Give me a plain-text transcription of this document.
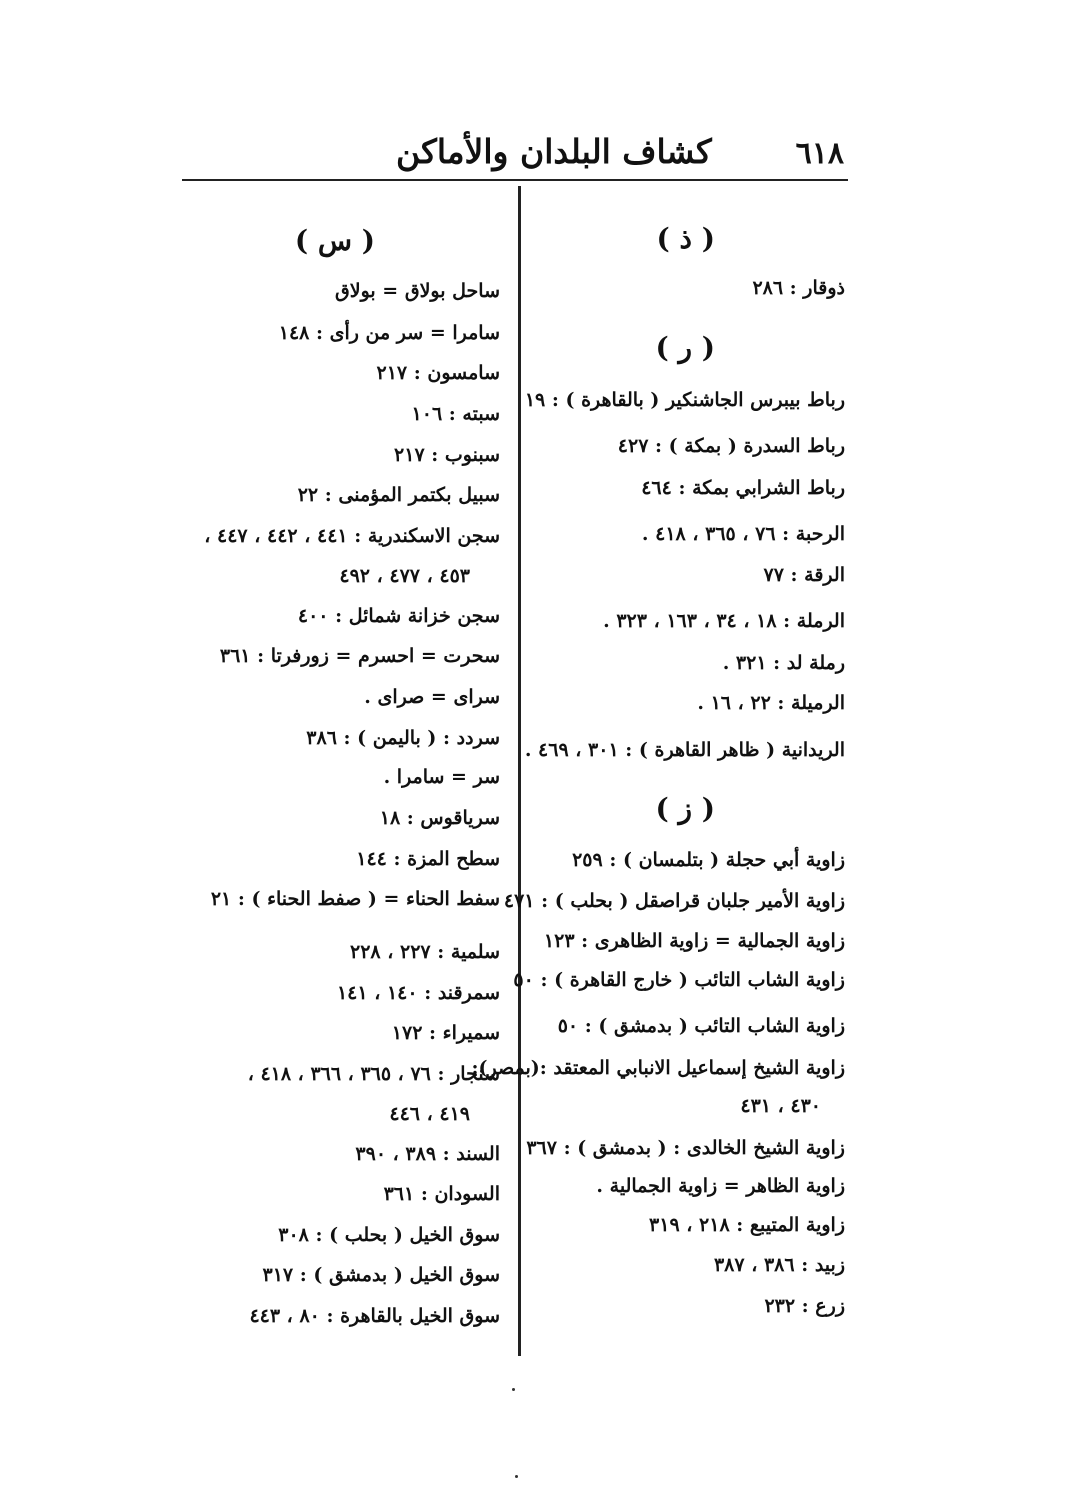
٦١٨
كشاف البلدان والأماكن
( ذ )
ذوقار : ٢٨٦
( ر )
رباط بيبرس الجاشنكير ( بالقاهرة ) : ١٩
رباط السدرة ( بمكة ) : ٤٢٧
رباط الشرابي بمكة : ٤٦٤
الرحبة : ٧٦ ، ٣٦٥ ، ٤١٨ .
الرقة : ٧٧
الرملة : ١٨ ، ٣٤ ، ١٦٣ ، ٣٢٣ .
رملة لد : ٣٢١ .
الرميلة : ٢٢ ، ١٦ .
الريدانية ( ظاهر القاهرة ) : ٣٠١ ، ٤٦٩ .
( ز )
زاوية أبي حجلة ( بتلمسان ) : ٢٥٩
زاوية الأمير جلبان قراصقل ( بحلب ) : ٤٧١
زاوية الجمالية = زاوية الظاهرى : ١٢٣
زاوية الشاب التائب ( خارج القاهرة ) : ٥٠
زاوية الشاب التائب ( بدمشق ) : ٥٠
زاوية الشيخ إسماعيل الانبابي المعتقد :(بمصر):
٤٣٠ ، ٤٣١
زاوية الشيخ الخالدى : ( بدمشق ) : ٣٦٧
زاوية الظاهر = زاوية الجمالية .
زاوية المتيبع : ٢١٨ ، ٣١٩
زبيد : ٣٨٦ ، ٣٨٧
زرع : ٢٣٢
( س )
ساحل بولاق = بولاق
سامرا = سر من رأى : ١٤٨
سامسون : ٢١٧
سبته : ١٠٦
سبنوب : ٢١٧
سبيل بكتمر المؤمنى : ٢٢
سجن الاسكندرية : ٤٤١ ، ٤٤٢ ، ٤٤٧ ،
٤٥٣ ، ٤٧٧ ، ٤٩٢
سجن خزانة شمائل : ٤٠٠
سحرت = احسرم = زورفرتا : ٣٦١
سراى = صراى .
سردد : ( باليمن ) : ٣٨٦
سر = سامرا .
سرياقوس : ١٨
سطح المزة : ١٤٤
سفط الحناء = ( صفط الحناء ) : ٢١
سلمية : ٢٢٧ ، ٢٢٨
سمرقند : ١٤٠ ، ١٤١
سميراء : ١٧٢
سنجار : ٧٦ ، ٣٦٥ ، ٣٦٦ ، ٤١٨ ،
٤١٩ ، ٤٤٦
السند : ٣٨٩ ، ٣٩٠
السودان : ٣٦١
سوق الخيل ( بحلب ) : ٣٠٨
سوق الخيل ( بدمشق ) : ٣١٧
سوق الخيل بالقاهرة : ٨٠ ، ٤٤٣
